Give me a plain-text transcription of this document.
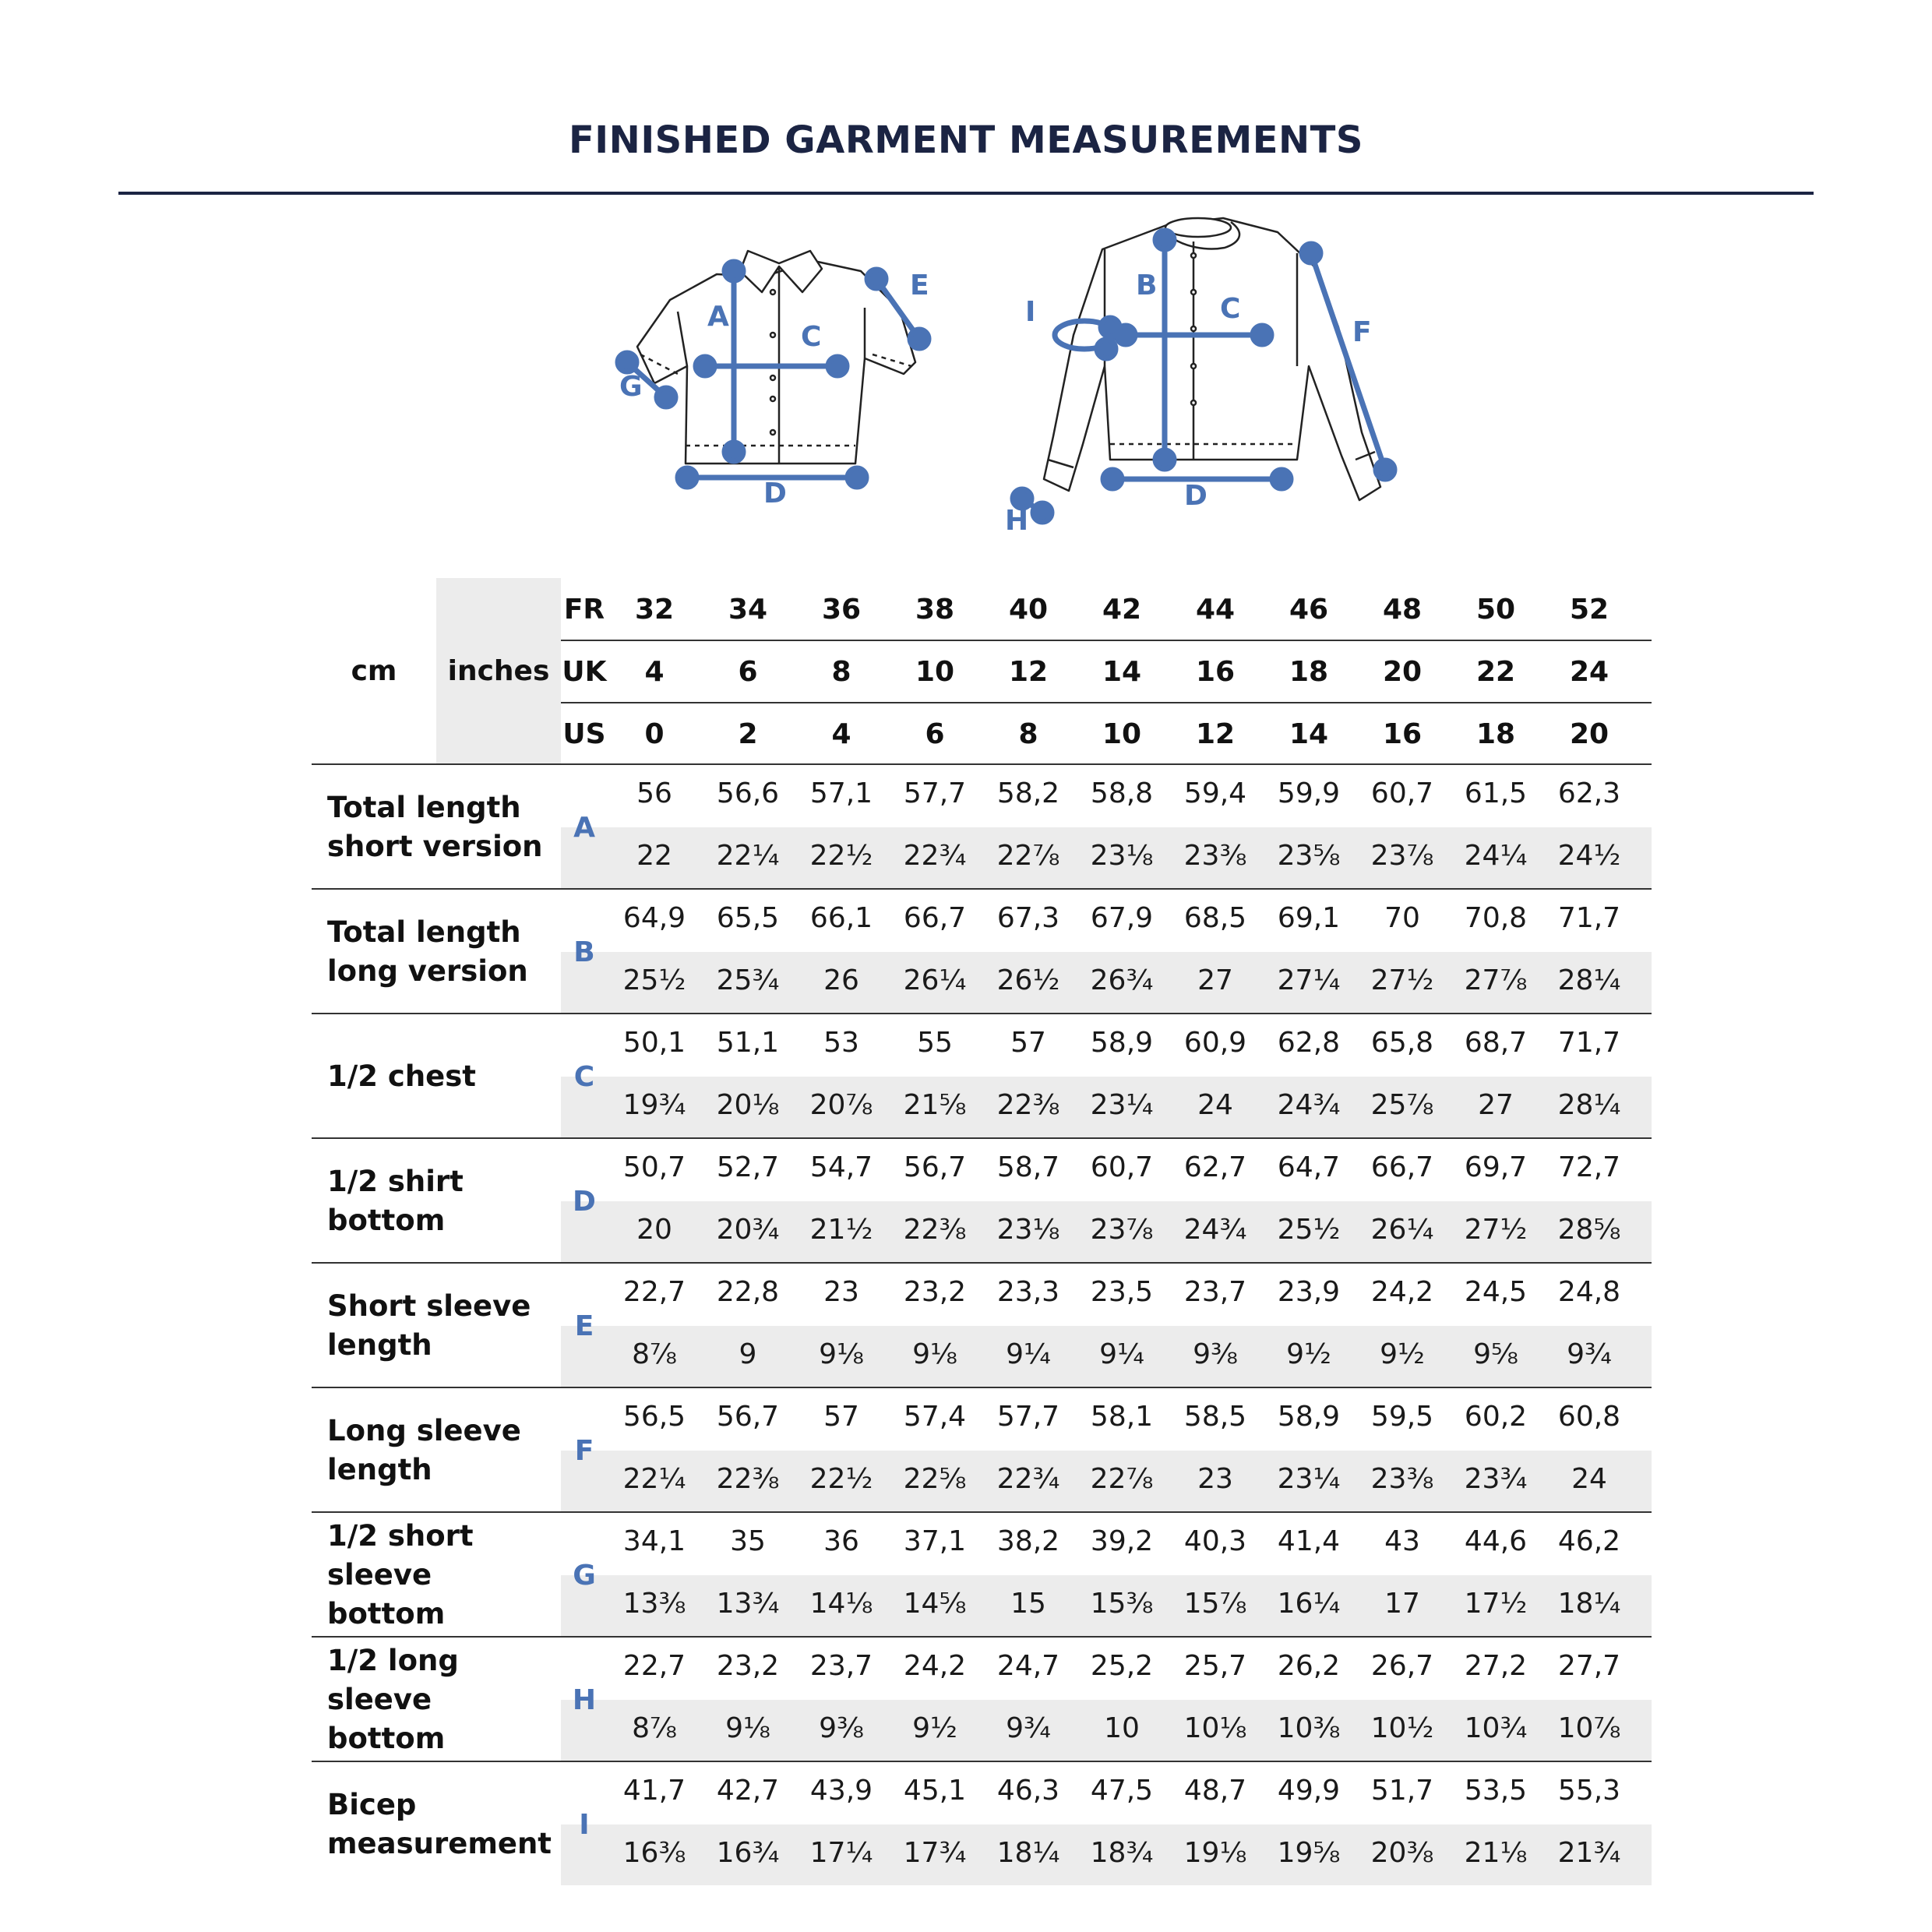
FINISHED GARMENT MEASUREMENTS
A
C
D
E
G
B
C
D
F
H
I
cm	inches
FR	32	34	36	38	40	42	44	46	48	50	52
UK	4	6	8	10	12	14	16	18	20	22	24
US	0	2	4	6	8	10	12	14	16	18	20
Total length
short version
A
56	56,6	57,1	57,7	58,2	58,8	59,4	59,9	60,7	61,5	62,3
22	22¼	22½	22¾	22⅞	23⅛	23⅜	23⅝	23⅞	24¼	24½
Total length
long version
B
64,9	65,5	66,1	66,7	67,3	67,9	68,5	69,1	70	70,8	71,7
25½	25¾	26	26¼	26½	26¾	27	27¼	27½	27⅞	28¼
1/2 chest	C
50,1	51,1	53	55	57	58,9	60,9	62,8	65,8	68,7	71,7
19¾	20⅛	20⅞	21⅝	22⅜	23¼	24	24¾	25⅞	27	28¼
1/2 shirt
bottom
D
50,7	52,7	54,7	56,7	58,7	60,7	62,7	64,7	66,7	69,7	72,7
20	20¾	21½	22⅜	23⅛	23⅞	24¾	25½	26¼	27½	28⅝
Short sleeve
length
E
22,7	22,8	23	23,2	23,3	23,5	23,7	23,9	24,2	24,5	24,8
8⅞	9	9⅛	9⅛	9¼	9¼	9⅜	9½	9½	9⅝	9¾
Long sleeve
length
F
56,5	56,7	57	57,4	57,7	58,1	58,5	58,9	59,5	60,2	60,8
22¼	22⅜	22½	22⅝	22¾	22⅞	23	23¼	23⅜	23¾	24
1/2 short
sleeve bottom
G
34,1	35	36	37,1	38,2	39,2	40,3	41,4	43	44,6	46,2
13⅜	13¾	14⅛	14⅝	15	15⅜	15⅞	16¼	17	17½	18¼
1/2 long sleeve
bottom
H
22,7	23,2	23,7	24,2	24,7	25,2	25,7	26,2	26,7	27,2	27,7
8⅞	9⅛	9⅜	9½	9¾	10	10⅛	10⅜	10½	10¾	10⅞
Bicep
measurement
I
41,7	42,7	43,9	45,1	46,3	47,5	48,7	49,9	51,7	53,5	55,3
16⅜	16¾	17¼	17¾	18¼	18¾	19⅛	19⅝	20⅜	21⅛	21¾
